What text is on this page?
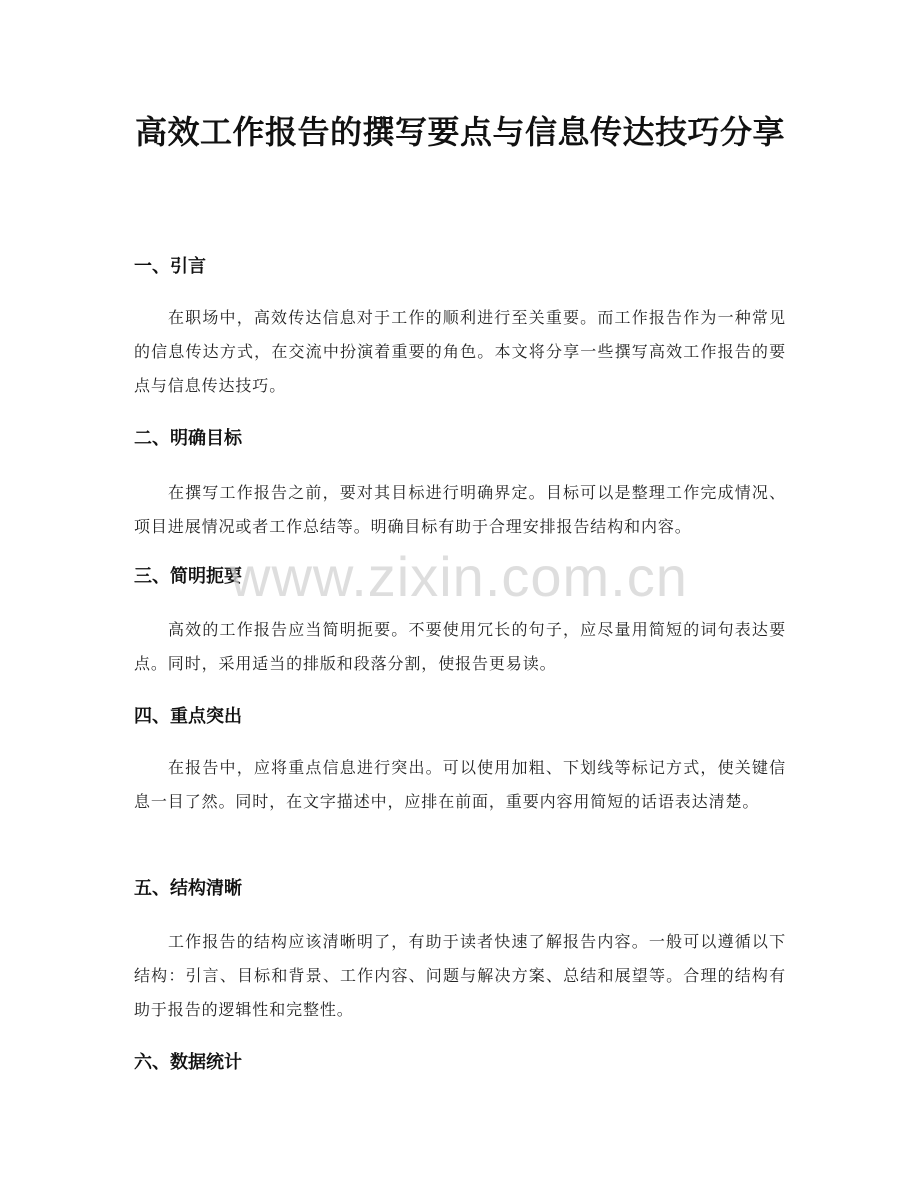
高效工作报告的撰写要点与信息传达技巧分享
一、引言

在职场中，高效传达信息对于工作的顺利进行至关重要。而工作报告作为一种常见的信息传达方式，在交流中扮演着重要的角色。本文将分享一些撰写高效工作报告的要点与信息传达技巧。

二、明确目标

在撰写工作报告之前，要对其目标进行明确界定。目标可以是整理工作完成情况、项目进展情况或者工作总结等。明确目标有助于合理安排报告结构和内容。

三、简明扼要

高效的工作报告应当简明扼要。不要使用冗长的句子，应尽量用简短的词句表达要点。同时，采用适当的排版和段落分割，使报告更易读。

四、重点突出

在报告中，应将重点信息进行突出。可以使用加粗、下划线等标记方式，使关键信息一目了然。同时，在文字描述中，应排在前面，重要内容用简短的话语表达清楚。

五、结构清晰

工作报告的结构应该清晰明了，有助于读者快速了解报告内容。一般可以遵循以下结构：引言、目标和背景、工作内容、问题与解决方案、总结和展望等。合理的结构有助于报告的逻辑性和完整性。

六、数据统计
www.zixin.com.cn
